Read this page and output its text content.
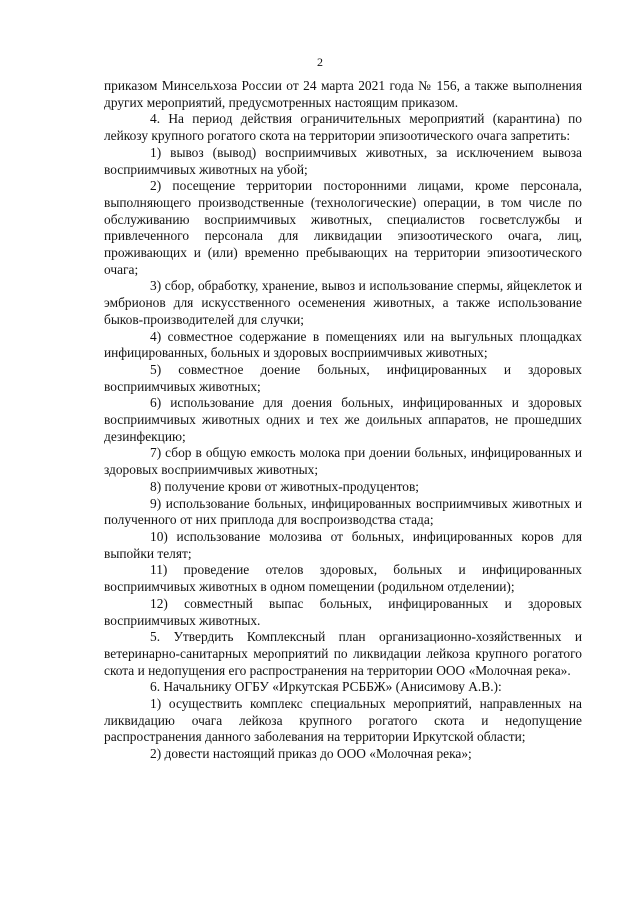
2

приказом Минсельхоза России от 24 марта 2021 года № 156, а также выполнения других мероприятий, предусмотренных настоящим приказом.

4. На период действия ограничительных мероприятий (карантина) по лейкозу крупного рогатого скота на территории эпизоотического очага запретить:

1) вывоз (вывод) восприимчивых животных, за исключением вывоза восприимчивых животных на убой;

2) посещение территории посторонними лицами, кроме персонала, выполняющего производственные (технологические) операции, в том числе по обслуживанию восприимчивых животных, специалистов госветслужбы и привлеченного персонала для ликвидации эпизоотического очага, лиц, проживающих и (или) временно пребывающих на территории эпизоотического очага;

3) сбор, обработку, хранение, вывоз и использование спермы, яйцеклеток и эмбрионов для искусственного осеменения животных, а также использование быков-производителей для случки;

4) совместное содержание в помещениях или на выгульных площадках инфицированных, больных и здоровых восприимчивых животных;

5) совместное доение больных, инфицированных и здоровых восприимчивых животных;

6) использование для доения больных, инфицированных и здоровых восприимчивых животных одних и тех же доильных аппаратов, не прошедших дезинфекцию;

7) сбор в общую емкость молока при доении больных, инфицированных и здоровых восприимчивых животных;

8) получение крови от животных-продуцентов;

9) использование больных, инфицированных восприимчивых животных и полученного от них приплода для воспроизводства стада;

10) использование молозива от больных, инфицированных коров для выпойки телят;

11) проведение отелов здоровых, больных и инфицированных восприимчивых животных в одном помещении (родильном отделении);

12) совместный выпас больных, инфицированных и здоровых восприимчивых животных.

5. Утвердить Комплексный план организационно-хозяйственных и ветеринарно-санитарных мероприятий по ликвидации лейкоза крупного рогатого скота и недопущения его распространения на территории ООО «Молочная река».

6. Начальнику ОГБУ «Иркутская РСББЖ» (Анисимову А.В.):

1) осуществить комплекс специальных мероприятий, направленных на ликвидацию очага лейкоза крупного рогатого скота и недопущение распространения данного заболевания на территории Иркутской области;

2) довести настоящий приказ до ООО «Молочная река»;
